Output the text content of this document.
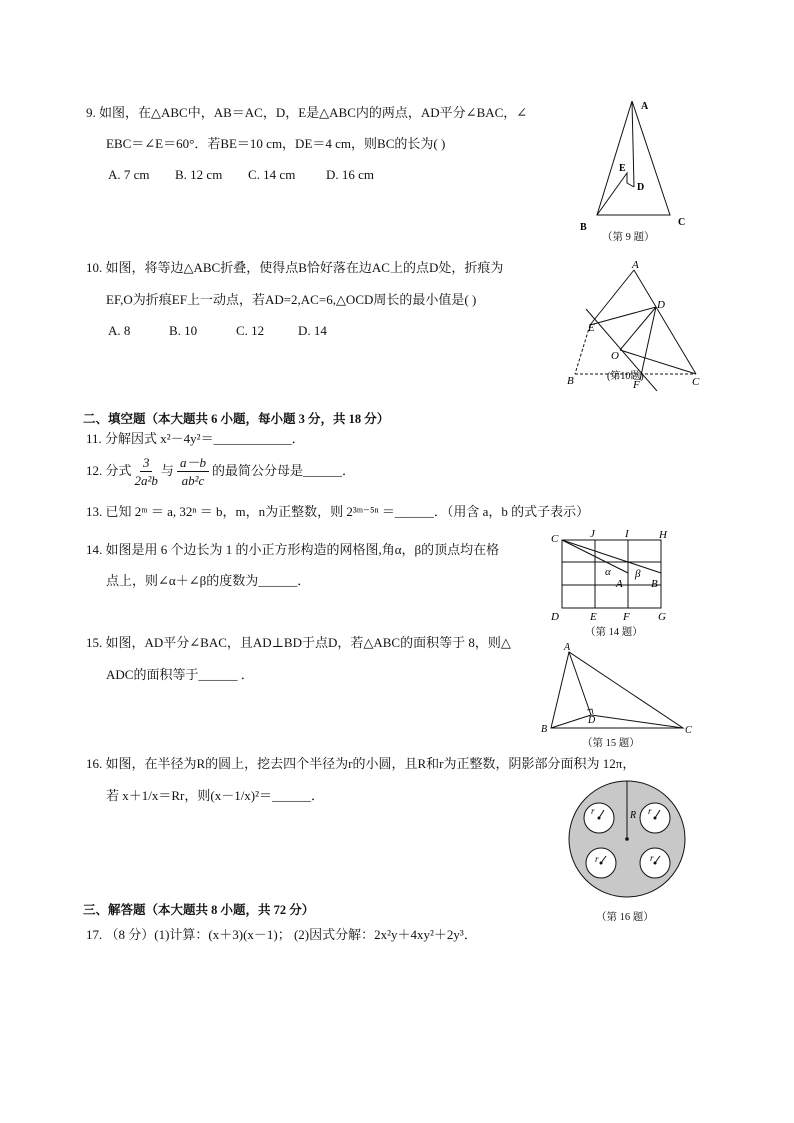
9. 如图，在△ABC中，AB＝AC，D，E是△ABC内的两点，AD平分∠BAC，∠
EBC＝∠E＝60°．若BE＝10 cm，DE＝4 cm，则BC的长为( )
A. 7 cm B. 12 cm C. 14 cm D. 16 cm
A
B	C
D
E
（第 9 题）
10. 如图，将等边△ABC折叠，使得点B恰好落在边AC上的点D处，折痕为
EF,O为折痕EF上一动点，若AD=2,AC=6,△OCD周长的最小值是( )
A. 8	B. 10	C. 12	D. 14
A
B	C
D
E
F
O
(第10题)
二、填空题（本大题共 6 小题，每小题 3 分，共 18 分）
11. 分解因式 x²－4y²＝____________．
12. 分式
3
2a²b
与
a－b
ab²c
的最简公分母是______．
13. 已知 2ᵐ ＝ a, 32ⁿ ＝ b，m，n为正整数，则 2³ᵐ⁻⁵ⁿ ＝______．（用含 a，b 的式子表示）
14. 如图是用 6 个边长为 1 的小正方形构造的网格图,角α，β的顶点均在格
点上，则∠α＋∠β的度数为______．
C	J	I	H
D	E F	G
A	B
α β
（第 14 题）
15. 如图，AD平分∠BAC，且AD⊥BD于点D，若△ABC的面积等于 8，则△
ADC的面积等于______ ．
A
B	C
D
（第 15 题）
16. 如图，在半径为R的圆上，挖去四个半径为r的小圆，且R和r为正整数，阴影部分面积为 12π，
若 x＋1/x＝Rr，则(x－1/x)²＝______．
r	r
r	r
R
（第 16 题）
三、解答题（本大题共 8 小题，共 72 分）
17. （8 分）(1)计算：(x＋3)(x－1)； (2)因式分解：2x²y＋4xy²＋2y³．
